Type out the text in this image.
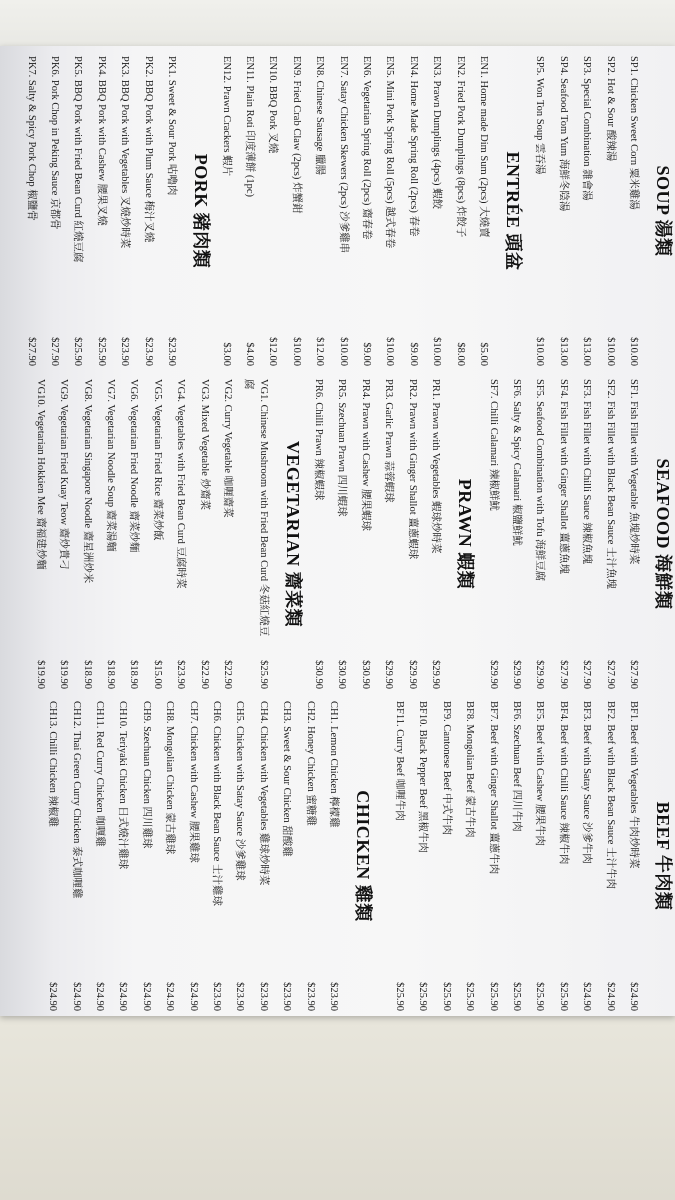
SOUP 湯類
SP1. Chicken Sweet Corn 粟米雞湯
$10.00
SP2. Hot & Sour 酸辣湯
$10.00
SP3. Special Combination 雜會湯
$13.00
SP4. Seafood Tom Yum 海鮮冬陰湯
$13.00
SP5. Won Ton Soup 雲吞湯
$10.00
ENTRÉE 頭盆
EN1. Home made Dim Sum (2pcs) 大燒賣
$5.00
EN2. Fried Pork Dumplings (8pcs) 炸餃子
$8.00
EN3. Prawn Dumplings (4pcs) 蝦餃
$10.00
EN4. Home Made Spring Roll (2pcs) 春卷
$9.00
EN5. Mini Pork Spring Roll (5pcs) 越式春卷
$10.00
EN6. Vegetarian Spring Roll (2pcs) 齋春卷
$9.00
EN7. Satay Chicken Skewers (2pcs) 沙爹雞串
$10.00
EN8. Chinese Sausage 臘腸
$12.00
EN9. Fried Crab Claw (2pcs) 炸蟹鉗
$10.00
EN10. BBQ Pork 叉燒
$12.00
EN11. Plain Roti 印度薄餅 (1pc)
$4.00
EN12. Prawn Crackers 蝦片
$3.00
PORK 豬肉類
PK1. Sweet & Sour Pork 咕嚕肉
$23.90
PK2. BBQ Pork with Plum Sauce 梅汁叉燒
$23.90
PK3. BBQ Pork with Vegetables 叉燒炒時菜
$23.90
PK4. BBQ Pork with Cashew 腰果叉燒
$25.90
PK5. BBQ Pork with Fried Bean Curd 紅燒豆腐
$25.90
PK6. Pork Chop in Peking Sauce 京都骨
$27.90
PK7. Salty & Spicy Pork Chop 椒鹽骨
$27.90
SEAFOOD 海鮮類
SF1. Fish Fillet with Vegetable 魚塊炒時菜
$27.90
SF2. Fish Fillet with Black Bean Sauce 士汁魚塊
$27.90
SF3. Fish Fillet with Chilli Sauce 辣椒魚塊
$27.90
SF4. Fish Fillet with Ginger Shallot 薑蔥魚塊
$27.90
SF5. Seafood Combination with Tofu 海鮮豆腐
$29.90
SF6. Salty & Spicy Calamari 椒鹽鮮魷
$29.90
SF7. Chilli Calamari 辣椒鮮魷
$29.90
PRAWN 蝦類
PR1. Prawn with Vegetables 蝦球炒時菜
$29.90
PR2. Prawn with Ginger Shallot 薑蔥蝦球
$29.90
PR3. Garlic Prawn 蒜蓉蝦球
$29.90
PR4. Prawn with Cashew 腰果蝦球
$30.90
PR5. Szechuan Prawn 四川蝦球
$30.90
PR6. Chilli Prawn 辣椒蝦球
$30.90
VEGETARIAN 齋菜類
VG1. Chinese Mushroom with Fried Bean Curd 冬菇紅燒豆腐
$25.90
VG2. Curry Vegetable 咖喱齋菜
$22.90
VG3. Mixed Vegetable 炒齋菜
$22.90
VG4. Vegetables with Fried Bean Curd 豆腐時菜
$23.90
VG5. Vegetarian Fried Rice 齋菜炒飯
$15.00
VG6. Vegetarian Fried Noodle 齋菜炒麵
$18.90
VG7. Vegetarian Noodle Soup 齋菜湯麵
$18.90
VG8. Vegetarian Singapore Noodle 齋星洲炒米
$18.90
VG9. Vegetarian Fried Kuay Teow 齋炒貴刁
$19.90
VG10. Vegetarian Hokkien Mee 齋福建炒麵
$19.90
BEEF 牛肉類
BF1. Beef with Vegetables 牛肉炒時菜
$24.90
BF2. Beef with Black Bean Sauce 士汁牛肉
$24.90
BF3. Beef with Satay Sauce 沙爹牛肉
$24.90
BF4. Beef with Chilli Sauce 辣椒牛肉
$25.90
BF5. Beef with Cashew 腰果牛肉
$25.90
BF6. Szechuan Beef 四川牛肉
$25.90
BF7. Beef with Ginger Shallot 薑蔥牛肉
$25.90
BF8. Mongolian Beef 蒙古牛肉
$25.90
BF9. Cantonese Beef 中式牛肉
$25.90
BF10. Black Pepper Beef 黑椒牛肉
$25.90
BF11. Curry Beef 咖喱牛肉
$25.90
CHICKEN 雞類
CH1. Lemon Chicken 檸檬雞
$23.90
CH2. Honey Chicken 蜜糖雞
$23.90
CH3. Sweet & Sour Chicken 甜酸雞
$23.90
CH4. Chicken with Vegetables 雞球炒時菜
$23.90
CH5. Chicken with Satay Sauce 沙爹雞球
$23.90
CH6. Chicken with Black Bean Sauce 士汁雞球
$23.90
CH7. Chicken with Cashew 腰果雞球
$24.90
CH8. Mongolian Chicken 蒙古雞球
$24.90
CH9. Szechuan Chicken 四川雞球
$24.90
CH10. Teriyaki Chicken 日式燒汁雞球
$24.90
CH11. Red Curry Chicken 咖喱雞
$24.90
CH12. Thai Green Curry Chicken 泰式咖喱雞
$24.90
CH13. Chilli Chicken 辣椒雞
$24.90
